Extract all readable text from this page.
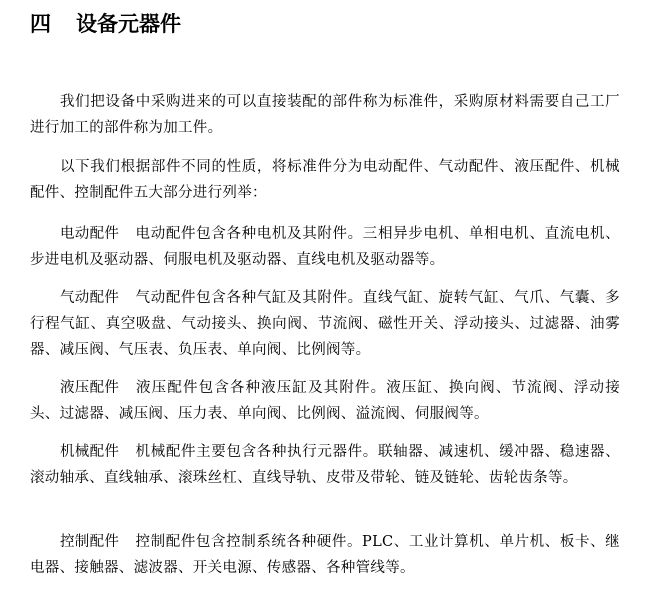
四 设备元器件

我们把设备中采购进来的可以直接装配的部件称为标准件，采购原材料需要自己工厂进行加工的部件称为加工件。

以下我们根据部件不同的性质，将标准件分为电动配件、气动配件、液压配件、机械配件、控制配件五大部分进行列举：

电动配件 电动配件包含各种电机及其附件。三相异步电机、单相电机、直流电机、步进电机及驱动器、伺服电机及驱动器、直线电机及驱动器等。

气动配件 气动配件包含各种气缸及其附件。直线气缸、旋转气缸、气爪、气囊、多行程气缸、真空吸盘、气动接头、换向阀、节流阀、磁性开关、浮动接头、过滤器、油雾器、减压阀、气压表、负压表、单向阀、比例阀等。

液压配件 液压配件包含各种液压缸及其附件。液压缸、换向阀、节流阀、浮动接头、过滤器、减压阀、压力表、单向阀、比例阀、溢流阀、伺服阀等。

机械配件 机械配件主要包含各种执行元器件。联轴器、减速机、缓冲器、稳速器、滚动轴承、直线轴承、滚珠丝杠、直线导轨、皮带及带轮、链及链轮、齿轮齿条等。

控制配件 控制配件包含控制系统各种硬件。PLC、工业计算机、单片机、板卡、继电器、接触器、滤波器、开关电源、传感器、各种管线等。
